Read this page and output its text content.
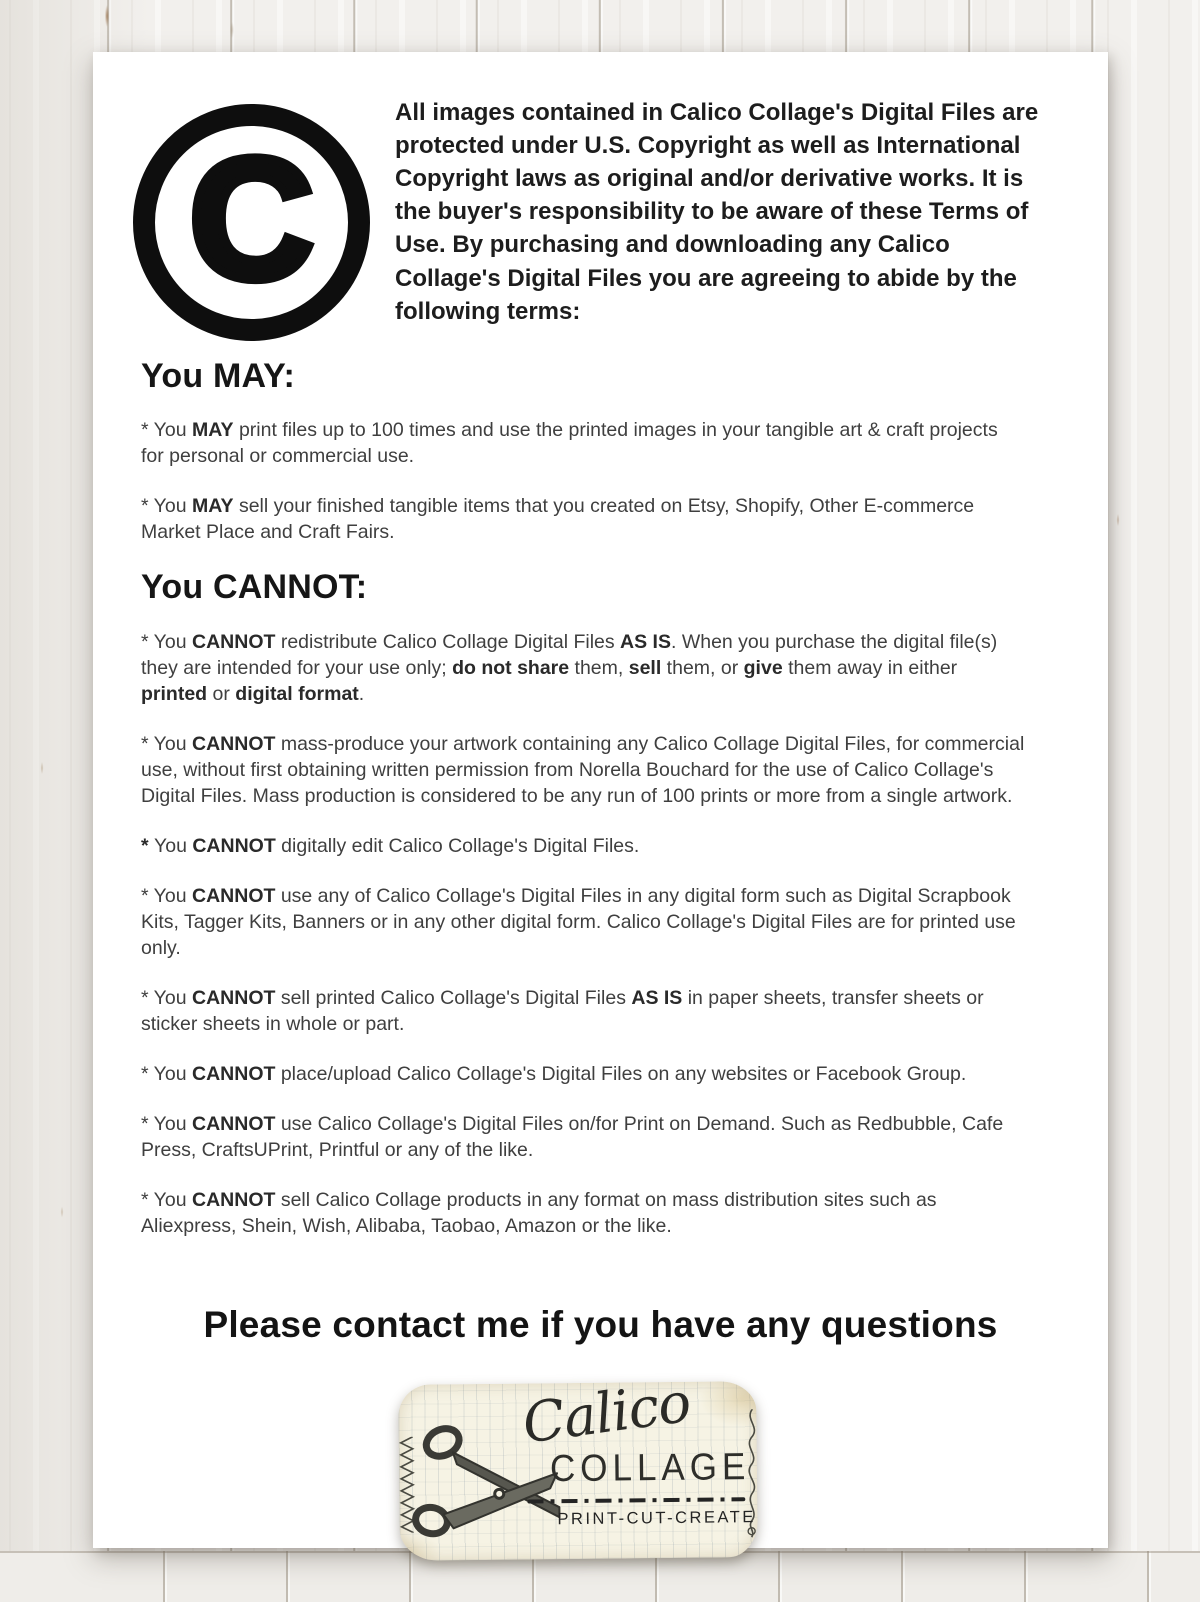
C

All images contained in Calico Collage's Digital Files are protected under U.S. Copyright as well as International Copyright laws as original and/or derivative works. It is the buyer's responsibility to be aware of these Terms of Use. By purchasing and downloading any Calico Collage's Digital Files you are agreeing to abide by the following terms:

You MAY:

* You MAY print files up to 100 times and use the printed images in your tangible art & craft projects for personal or commercial use.

* You MAY sell your finished tangible items that you created on Etsy, Shopify, Other E-commerce Market Place and Craft Fairs.

You CANNOT:

* You CANNOT redistribute Calico Collage Digital Files AS IS. When you purchase the digital file(s) they are intended for your use only; do not share them, sell them, or give them away in either printed or digital format.

* You CANNOT mass-produce your artwork containing any Calico Collage Digital Files, for commercial use, without first obtaining written permission from Norella Bouchard for the use of Calico Collage's Digital Files. Mass production is considered to be any run of 100 prints or more from a single artwork.

* You CANNOT digitally edit Calico Collage's Digital Files.

* You CANNOT use any of Calico Collage's Digital Files in any digital form such as Digital Scrapbook Kits, Tagger Kits, Banners or in any other digital form. Calico Collage's Digital Files are for printed use only.

* You CANNOT sell printed Calico Collage's Digital Files AS IS in paper sheets, transfer sheets or sticker sheets in whole or part.

* You CANNOT place/upload Calico Collage's Digital Files on any websites or Facebook Group.

* You CANNOT use Calico Collage's Digital Files on/for Print on Demand. Such as Redbubble, Cafe Press, CraftsUPrint, Printful or any of the like.

* You CANNOT sell Calico Collage products in any format on mass distribution sites such as Aliexpress, Shein, Wish, Alibaba, Taobao, Amazon or the like.

Please contact me if you have any questions
Calico
COLLAGE
PRINT-CUT-CREATE
